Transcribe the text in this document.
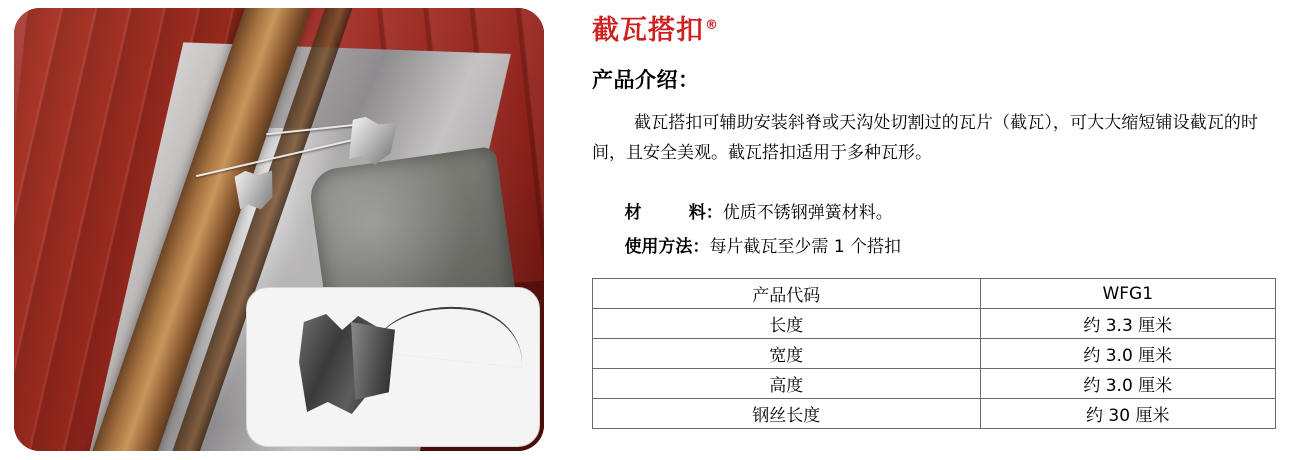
截瓦搭扣®
产品介绍：
截瓦搭扣可辅助安装斜脊或天沟处切割过的瓦片（截瓦），可大大缩短铺设截瓦的时间，且安全美观。截瓦搭扣适用于多种瓦形。

材        料：优质不锈钢弹簧材料。

使用方法：每片截瓦至少需 1 个搭扣

产品代码	WFG1
长度	约 3.3 厘米
宽度	约 3.0 厘米
高度	约 3.0 厘米
钢丝长度	约 30 厘米
